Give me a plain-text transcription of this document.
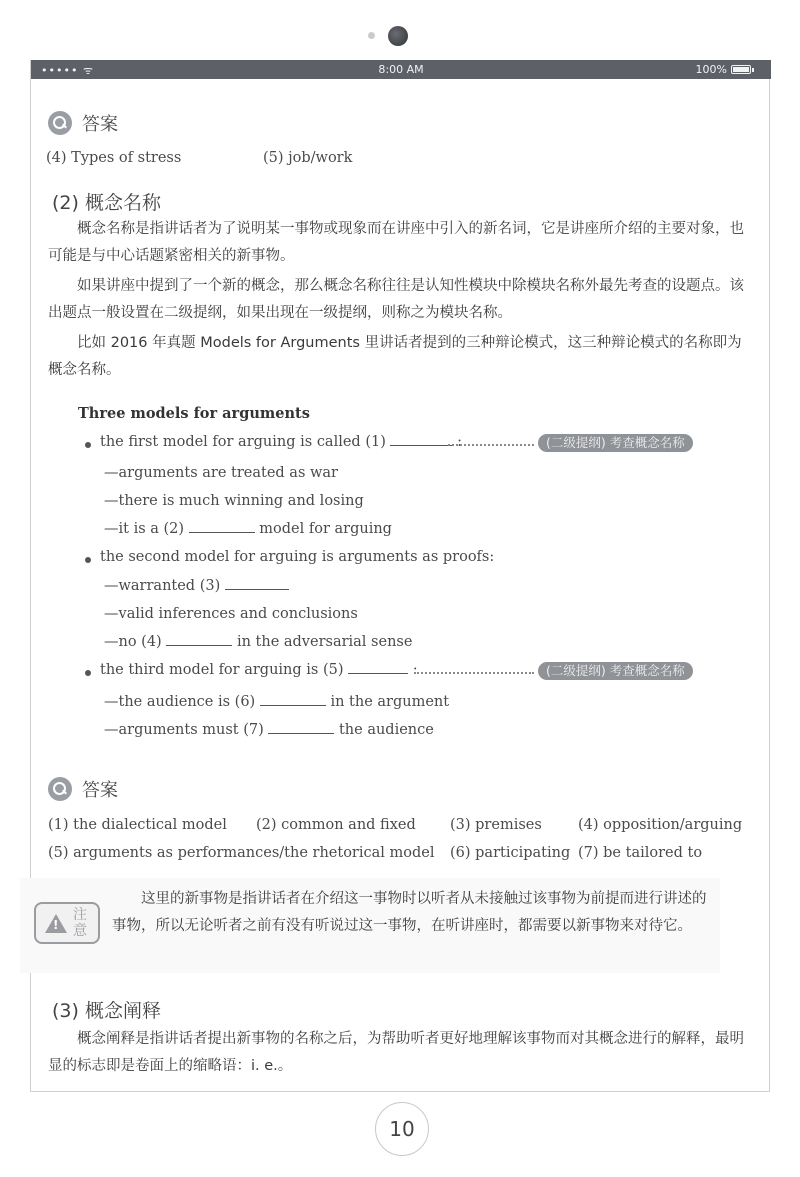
••••• ᯤ	8:00 AM	100%
答案
(4) Types of stress	(5) job/work
(2) 概念名称
概念名称是指讲话者为了说明某一事物或现象而在讲座中引入的新名词，它是讲座所介绍的主要对象，也可能是与中心话题紧密相关的新事物。
如果讲座中提到了一个新的概念，那么概念名称往往是认知性模块中除模块名称外最先考查的设题点。该出题点一般设置在二级提纲，如果出现在一级提纲，则称之为模块名称。
比如 2016 年真题 Models for Arguments 里讲话者提到的三种辩论模式，这三种辩论模式的名称即为概念名称。
Three models for arguments
the first model for arguing is called (1)	:	(二级提纲) 考查概念名称
—arguments are treated as war
—there is much winning and losing
—it is a (2)	model for arguing
the second model for arguing is arguments as proofs:
—warranted (3)
—valid inferences and conclusions
—no (4)	in the adversarial sense
the third model for arguing is (5)	:	(二级提纲) 考查概念名称
—the audience is (6)	in the argument
—arguments must (7)	the audience
答案
(1) the dialectical model (2) common and fixed (3) premises (4) opposition/arguing
(5) arguments as performances/the rhetorical model (6) participating (7) be tailored to
!
注意
这里的新事物是指讲话者在介绍这一事物时以听者从未接触过该事物为前提而进行讲述的事物，所以无论听者之前有没有听说过这一事物，在听讲座时，都需要以新事物来对待它。
(3) 概念阐释
概念阐释是指讲话者提出新事物的名称之后，为帮助听者更好地理解该事物而对其概念进行的解释，最明显的标志即是卷面上的缩略语：i. e.。
10
